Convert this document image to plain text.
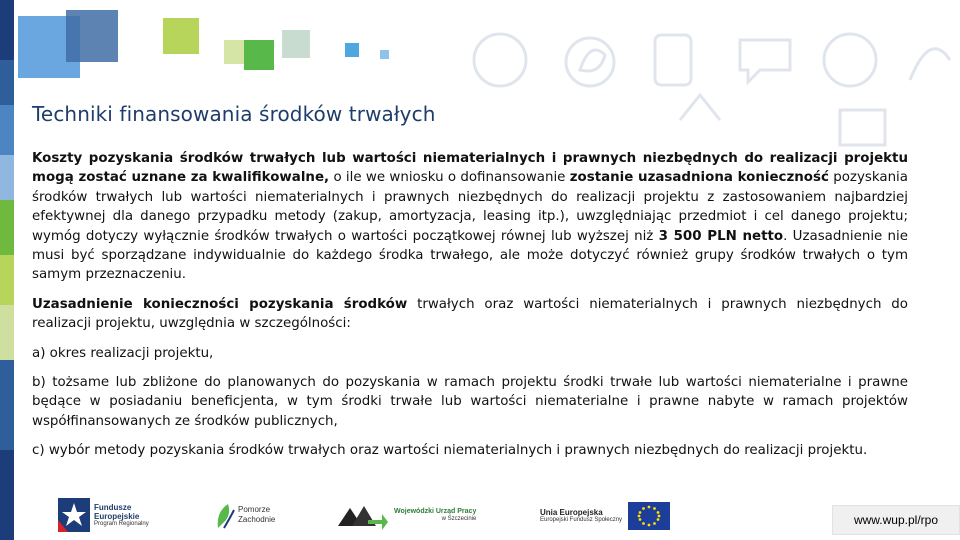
Techniki finansowania środków trwałych

Koszty pozyskania środków trwałych lub wartości niematerialnych i prawnych niezbędnych do realizacji projektu mogą zostać uznane za kwalifikowalne, o ile we wniosku o dofinansowanie zostanie uzasadniona konieczność pozyskania środków trwałych lub wartości niematerialnych i prawnych niezbędnych do realizacji projektu z zastosowaniem najbardziej efektywnej dla danego przypadku metody (zakup, amortyzacja, leasing itp.), uwzględniając przedmiot i cel danego projektu; wymóg dotyczy wyłącznie środków trwałych o wartości początkowej równej lub wyższej niż 3 500 PLN netto. Uzasadnienie nie musi być sporządzane indywidualnie do każdego środka trwałego, ale może dotyczyć również grupy środków trwałych o tym samym przeznaczeniu.

Uzasadnienie konieczności pozyskania środków trwałych oraz wartości niematerialnych i prawnych niezbędnych do realizacji projektu, uwzględnia w szczególności:

a) okres realizacji projektu,

b) tożsame lub zbliżone do planowanych do pozyskania w ramach projektu środki trwałe lub wartości niematerialne i prawne będące w posiadaniu beneficjenta, w tym środki trwałe lub wartości niematerialne i prawne nabyte w ramach projektów współfinansowanych ze środków publicznych,

c) wybór metody pozyskania środków trwałych oraz wartości niematerialnych i prawnych niezbędnych do realizacji projektu.

Fundusze
Europejskie
Program Regionalny
Pomorze
Zachodnie
Wojewódzki Urząd Pracy
w Szczecinie
Unia Europejska
Europejski Fundusz Społeczny	www.wup.pl/rpo
